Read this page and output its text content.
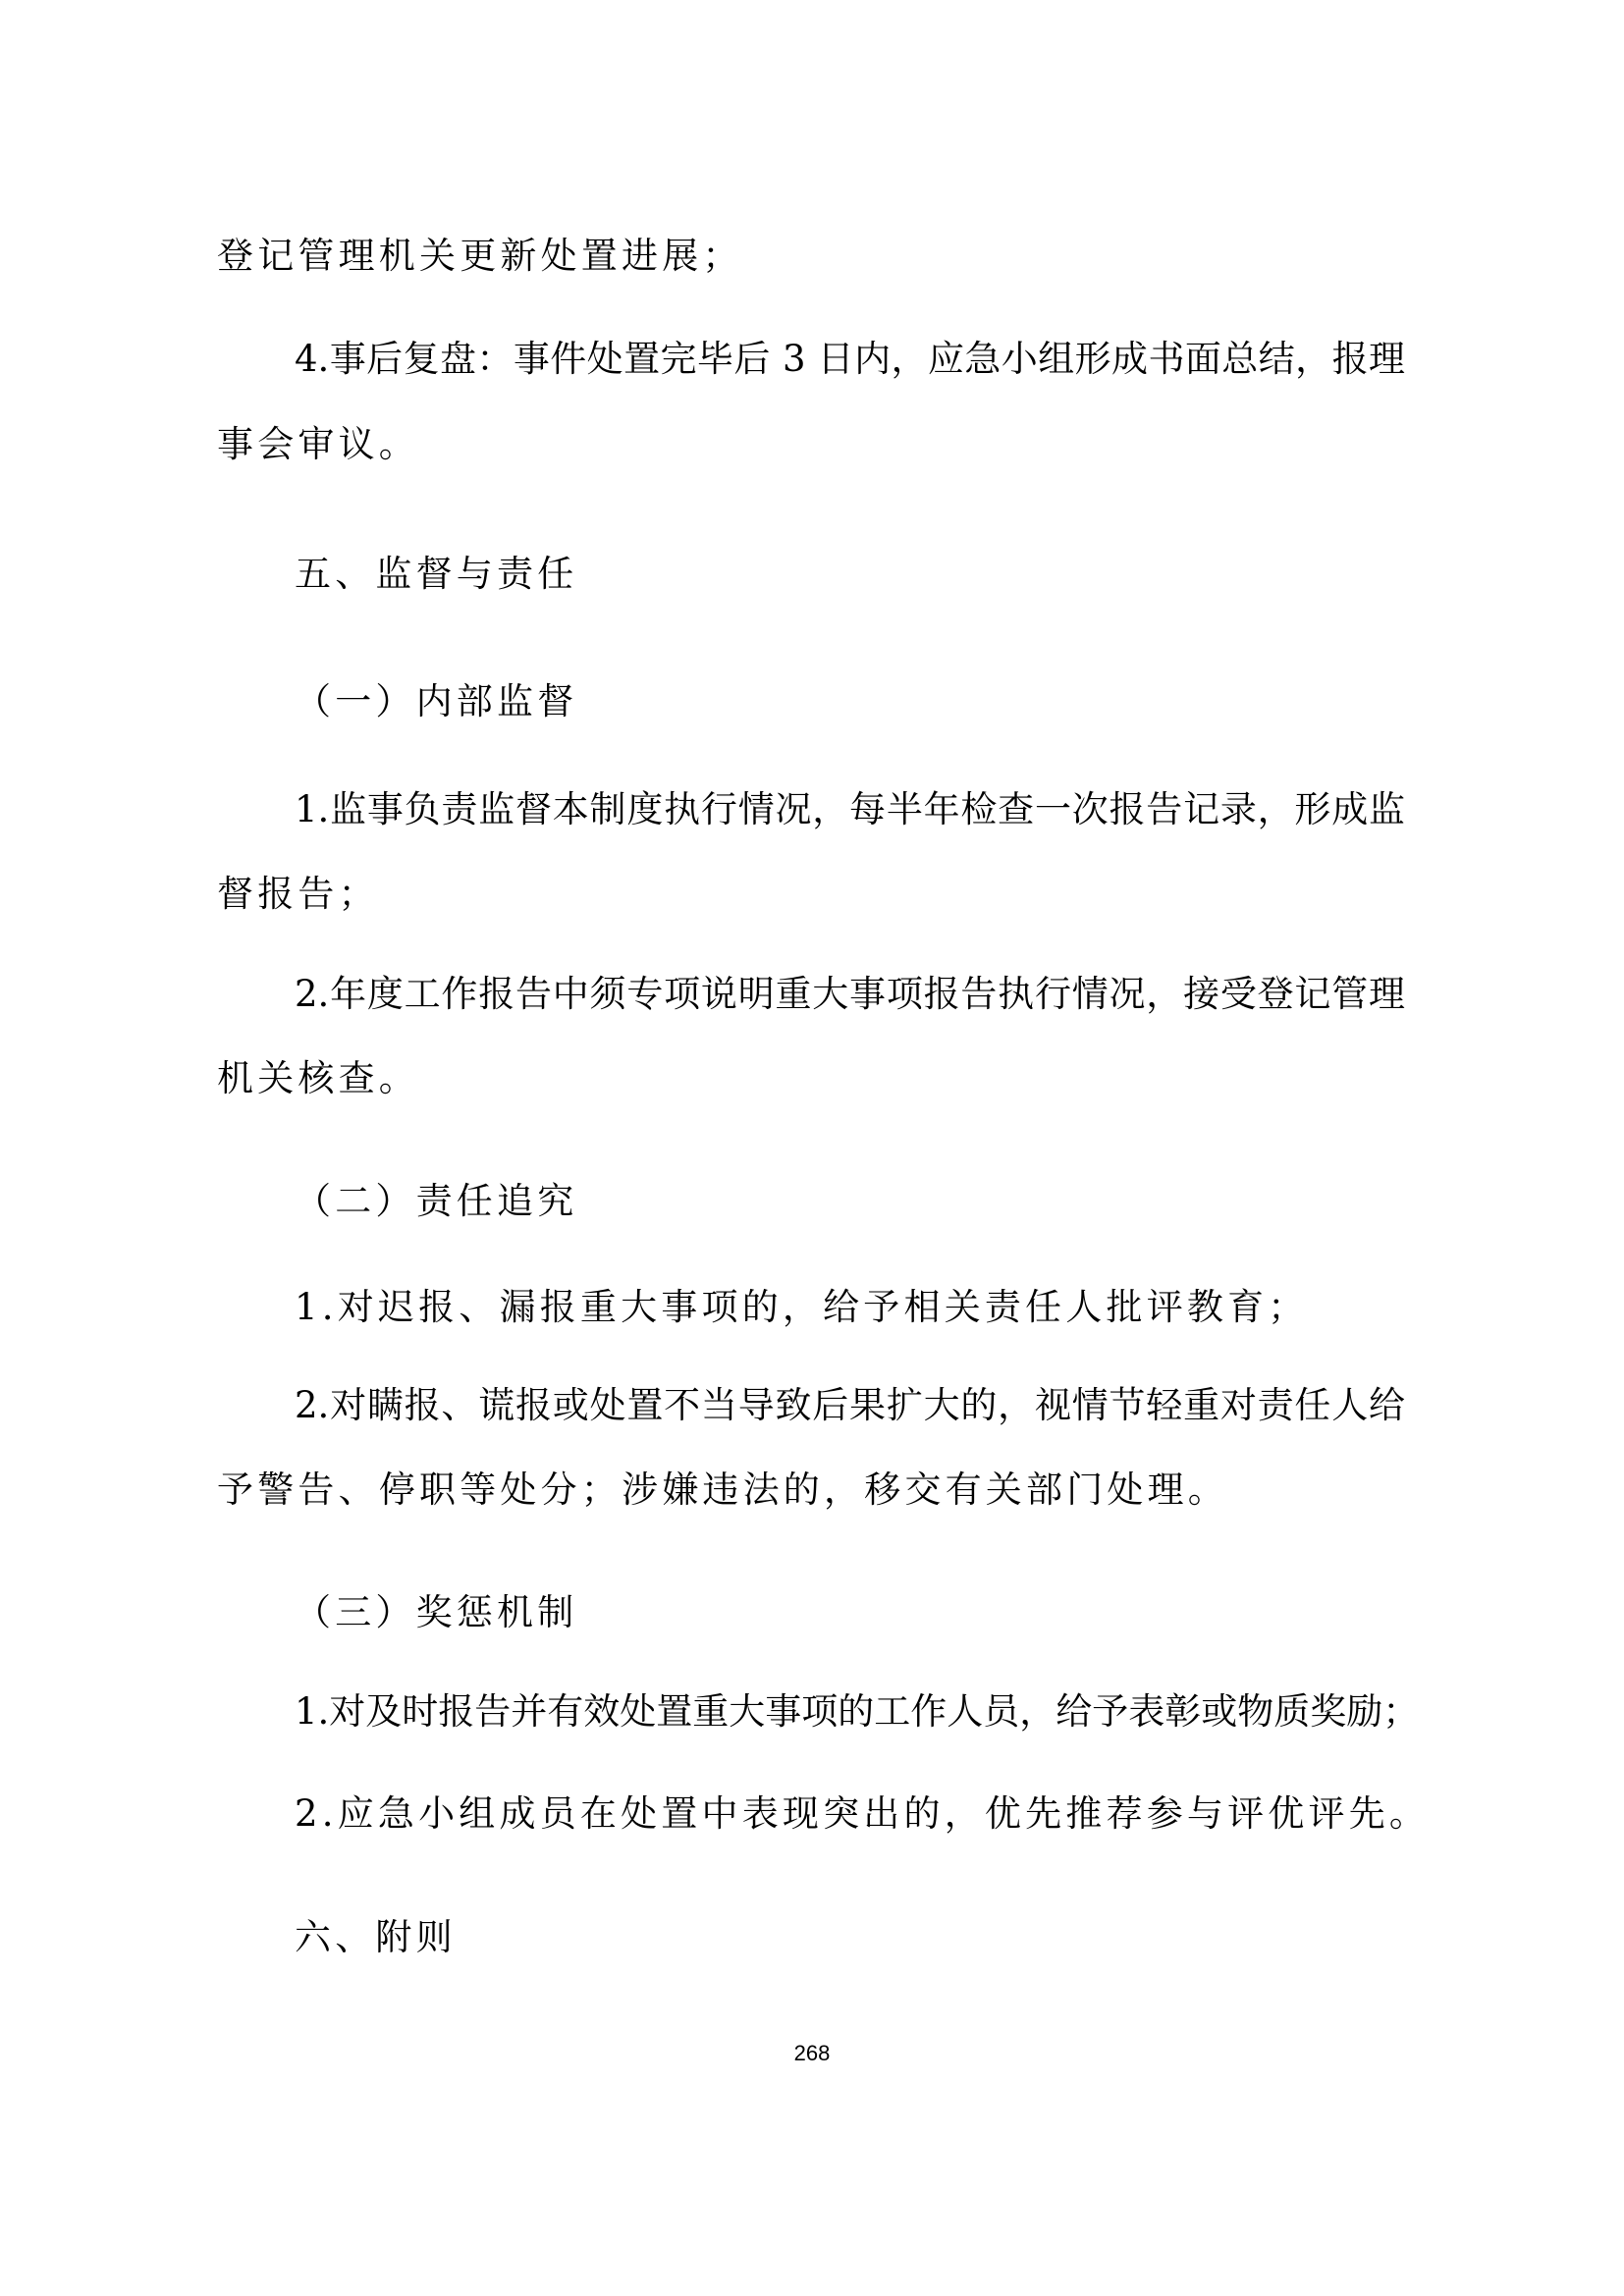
登记管理机关更新处置进展；
4.事后复盘：事件处置完毕后 3 日内，应急小组形成书面总结，报理
事会审议。
五、监督与责任
（一）内部监督
1.监事负责监督本制度执行情况，每半年检查一次报告记录，形成监
督报告；
2.年度工作报告中须专项说明重大事项报告执行情况，接受登记管理
机关核查。
（二）责任追究
1.对迟报、漏报重大事项的，给予相关责任人批评教育；
2.对瞒报、谎报或处置不当导致后果扩大的，视情节轻重对责任人给
予警告、停职等处分；涉嫌违法的，移交有关部门处理。
（三）奖惩机制
1.对及时报告并有效处置重大事项的工作人员，给予表彰或物质奖励；
2.应急小组成员在处置中表现突出的，优先推荐参与评优评先。
六、附则
268
